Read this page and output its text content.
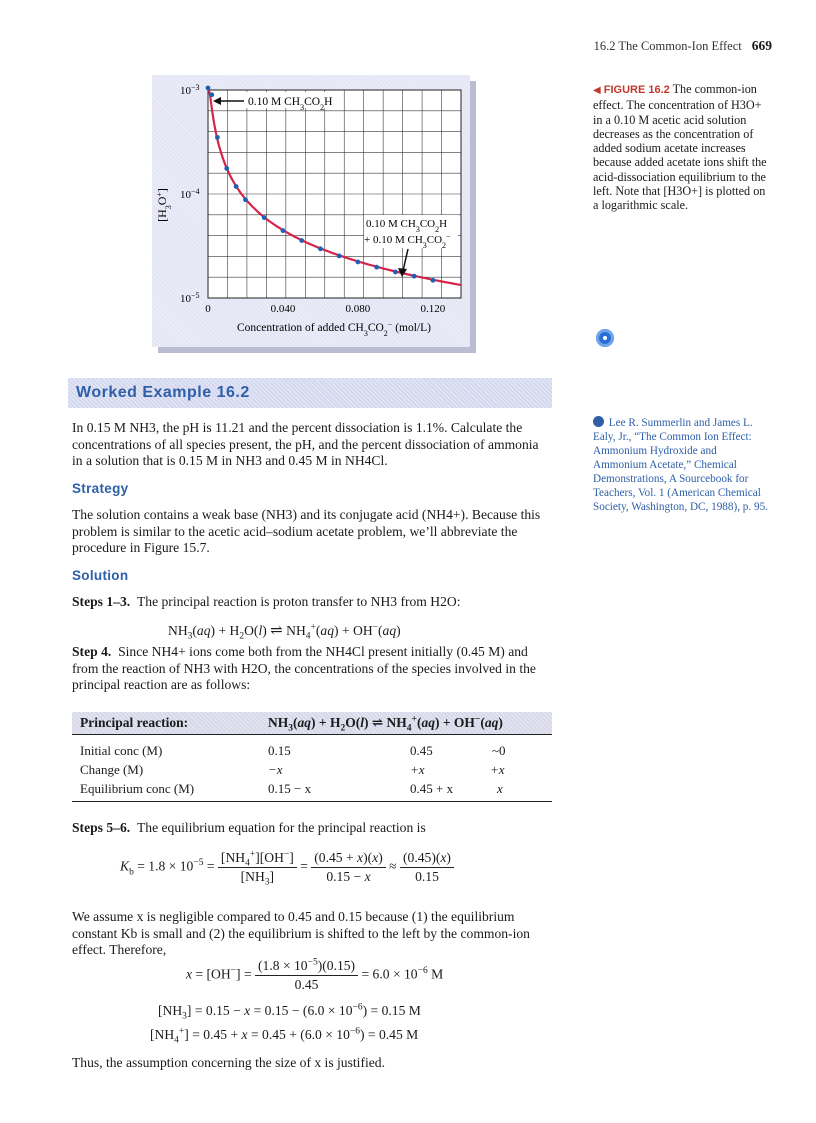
16.2 The Common-Ion Effect 669
$10^{-3}$
$10^{-4}$
$10^{-5}$
0	0.040	0.080	0.120
$[H_3O^+]$
Concentration of added $CH_3CO_2^-$ (mol/L)
0.10 M $CH_3CO_2H$
0.10 M $CH_3CO_2H$
+ 0.10 M $CH_3CO_2^-$
◀ FIGURE 16.2 The common-ion effect. The concentration of H3O+ in a 0.10 M acetic acid solution decreases as the concentration of added sodium acetate increases because added acetate ions shift the acid-dissociation equilibrium to the left. Note that [H3O+] is plotted on a logarithmic scale.
Worked Example 16.2
Lee R. Summerlin and James L. Ealy, Jr., “The Common Ion Effect: Ammonium Hydroxide and Ammonium Acetate,” Chemical Demonstrations, A Sourcebook for Teachers, Vol. 1 (American Chemical Society, Washington, DC, 1988), p. 95.
In 0.15 M NH3, the pH is 11.21 and the percent dissociation is 1.1%. Calculate the concentrations of all species present, the pH, and the percent dissociation of ammonia in a solution that is 0.15 M in NH3 and 0.45 M in NH4Cl.
Strategy
The solution contains a weak base (NH3) and its conjugate acid (NH4+). Because this problem is similar to the acetic acid–sodium acetate problem, we’ll abbreviate the procedure in Figure 15.7.
Solution
Steps 1–3. The principal reaction is proton transfer to NH3 from H2O:
$NH_3(aq) + H_2O(l)$ ⇌ $NH_4^+(aq) + OH^-(aq)$
Step 4. Since NH4+ ions come both from the NH4Cl present initially (0.45 M) and from the reaction of NH3 with H2O, the concentrations of the species involved in the principal reaction are as follows:
Principal reaction:	$NH_3(aq) + H_2O(l)$ ⇌ $NH_4^+(aq) + OH^-(aq)$
Initial conc (M)	0.15	0.45	~0
Change (M)	−x	+x	+x
Equilibrium conc (M)	0.15 − x	0.45 + x	x
Steps 5–6. The equilibrium equation for the principal reaction is
$K_b = 1.8 \times 10^{-5} = \frac{[NH_4^+][OH^-]}{[NH_3]} = \frac{(0.45 + x)(x)}{0.15 - x} \approx \frac{(0.45)(x)}{0.15}$
We assume x is negligible compared to 0.45 and 0.15 because (1) the equilibrium constant Kb is small and (2) the equilibrium is shifted to the left by the common-ion effect. Therefore,
$x = [OH^-] = \frac{(1.8 \times 10^{-5})(0.15)}{0.45} = 6.0 \times 10^{-6}$ M
$[NH_3] = 0.15 - x = 0.15 - (6.0 \times 10^{-6}) = 0.15$ M
$[NH_4^+] = 0.45 + x = 0.45 + (6.0 \times 10^{-6}) = 0.45$ M
Thus, the assumption concerning the size of x is justified.
